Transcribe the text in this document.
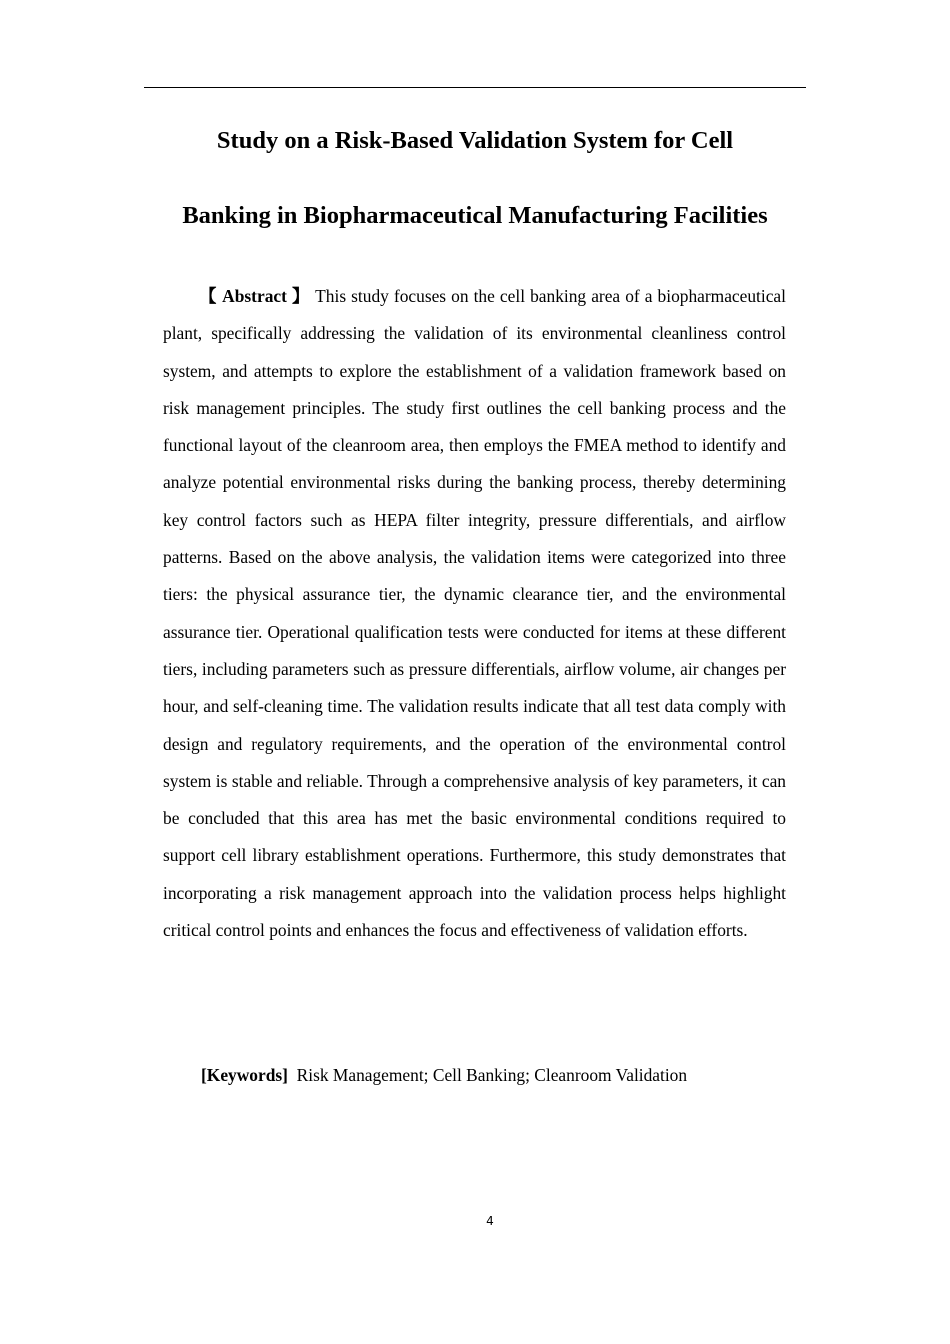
Study on a Risk-Based Validation System for Cell
Banking in Biopharmaceutical Manufacturing Facilities

【 Abstract 】 This study focuses on the cell banking area of a biopharmaceutical plant, specifically addressing the validation of its environmental cleanliness control system, and attempts to explore the establishment of a validation framework based on risk management principles. The study first outlines the cell banking process and the functional layout of the cleanroom area, then employs the FMEA method to identify and analyze potential environmental risks during the banking process, thereby determining key control factors such as HEPA filter integrity, pressure differentials, and airflow patterns. Based on the above analysis, the validation items were categorized into three tiers: the physical assurance tier, the dynamic clearance tier, and the environmental assurance tier. Operational qualification tests were conducted for items at these different tiers, including parameters such as pressure differentials, airflow volume, air changes per hour, and self-cleaning time. The validation results indicate that all test data comply with design and regulatory requirements, and the operation of the environmental control system is stable and reliable. Through a comprehensive analysis of key parameters, it can be concluded that this area has met the basic environmental conditions required to support cell library establishment operations. Furthermore, this study demonstrates that incorporating a risk management approach into the validation process helps highlight critical control points and enhances the focus and effectiveness of validation efforts.

[Keywords] Risk Management; Cell Banking; Cleanroom Validation

4
